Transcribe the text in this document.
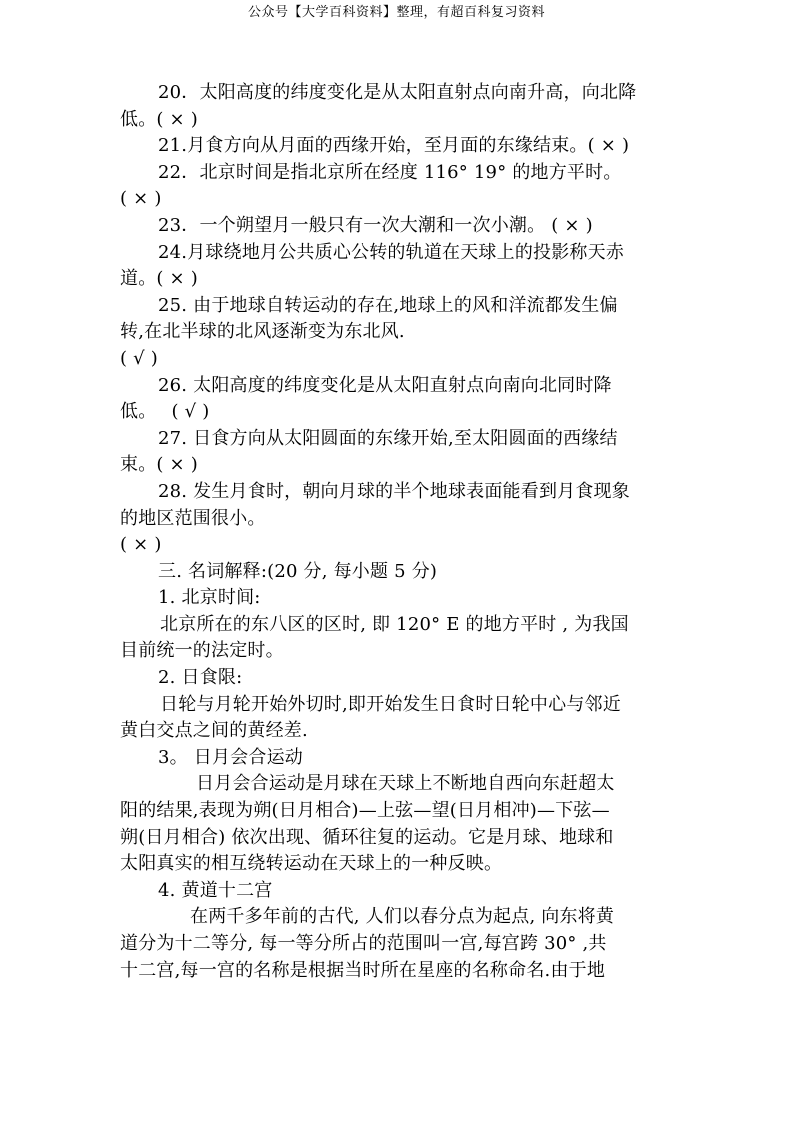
公众号【大学百科资料】整理，有超百科复习资料
20．太阳高度的纬度变化是从太阳直射点向南升高，向北降
低。( × )
21.月食方向从月面的西缘开始，至月面的东缘结束。( × )
22．北京时间是指北京所在经度 116° 19° 的地方平时。
( × )
23．一个朔望月一般只有一次大潮和一次小潮。 ( × )
24.月球绕地月公共质心公转的轨道在天球上的投影称天赤
道。( × )
25. 由于地球自转运动的存在,地球上的风和洋流都发生偏
转,在北半球的北风逐渐变为东北风.
( √ )
26. 太阳高度的纬度变化是从太阳直射点向南向北同时降
低。　 ( √ )
27. 日食方向从太阳圆面的东缘开始,至太阳圆面的西缘结
束。( × )
28. 发生月食时，朝向月球的半个地球表面能看到月食现象
的地区范围很小。
( × )
三. 名词解释:(20 分, 每小题 5 分)
1. 北京时间:
北京所在的东八区的区时, 即 120° E 的地方平时 , 为我国
目前统一的法定时。
2. 日食限:
日轮与月轮开始外切时,即开始发生日食时日轮中心与邻近
黄白交点之间的黄经差.
3。 日月会合运动
日月会合运动是月球在天球上不断地自西向东赶超太
阳的结果,表现为朔(日月相合)—上弦—望(日月相冲)—下弦—
朔(日月相合) 依次出现、循环往复的运动。它是月球、地球和
太阳真实的相互绕转运动在天球上的一种反映。
4. 黄道十二宫
在两千多年前的古代, 人们以春分点为起点, 向东将黄
道分为十二等分, 每一等分所占的范围叫一宫,每宫跨 30° ,共
十二宫,每一宫的名称是根据当时所在星座的名称命名.由于地
